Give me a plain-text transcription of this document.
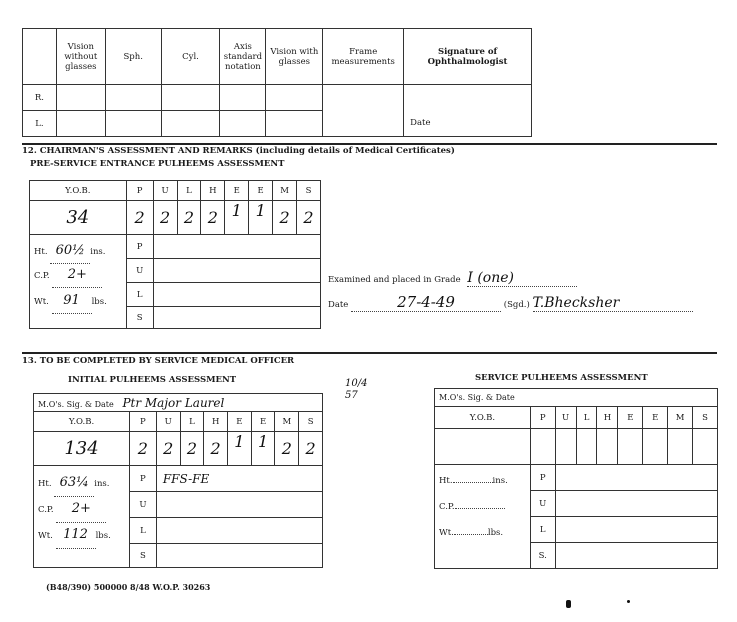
	Vision without glasses	Sph.	Cyl.	Axis standard notation	Vision with glasses	Frame measurements	Signature of Ophthalmologist
R.							Date
L.							
12. CHAIRMAN'S ASSESSMENT AND REMARKS (including details of Medical Certificates)
PRE-SERVICE ENTRANCE PULHEEMS ASSESSMENT
Y.O.B.	P	U	L	H	E	E	M	S
34	2	2	2	2	1	1	2	2

Ht. 60½ ins.
C.P. 2+
Wt. 91 lbs.	P							
	U							
	L							
	S							
Examined and placed in Grade I (one)
Date	27-4-49	(Sgd.) T.Bhecksher
13. TO BE COMPLETED BY SERVICE MEDICAL OFFICER
INITIAL PULHEEMS ASSESSMENT	10/4 57
M.O's. Sig. & Date Ptr Major Laurel								
Y.O.B.	P	U	L	H	E	E	M	S
134	2	2	2	2	1	1	2	2

Ht. 63¼ ins.
C.P. 2+
Wt. 112 lbs.	P	FFS-FE						
	U							
	L							
	S							
(B48/390) 500000 8/48 W.O.P. 30263
SERVICE PULHEEMS ASSESSMENT
M.O's. Sig. & Date								
Y.O.B.	P	U	L	H	E	E	M	S

Ht. ins.
C.P.
Wt. lbs.	P							
	U							
	L							
	S.							
